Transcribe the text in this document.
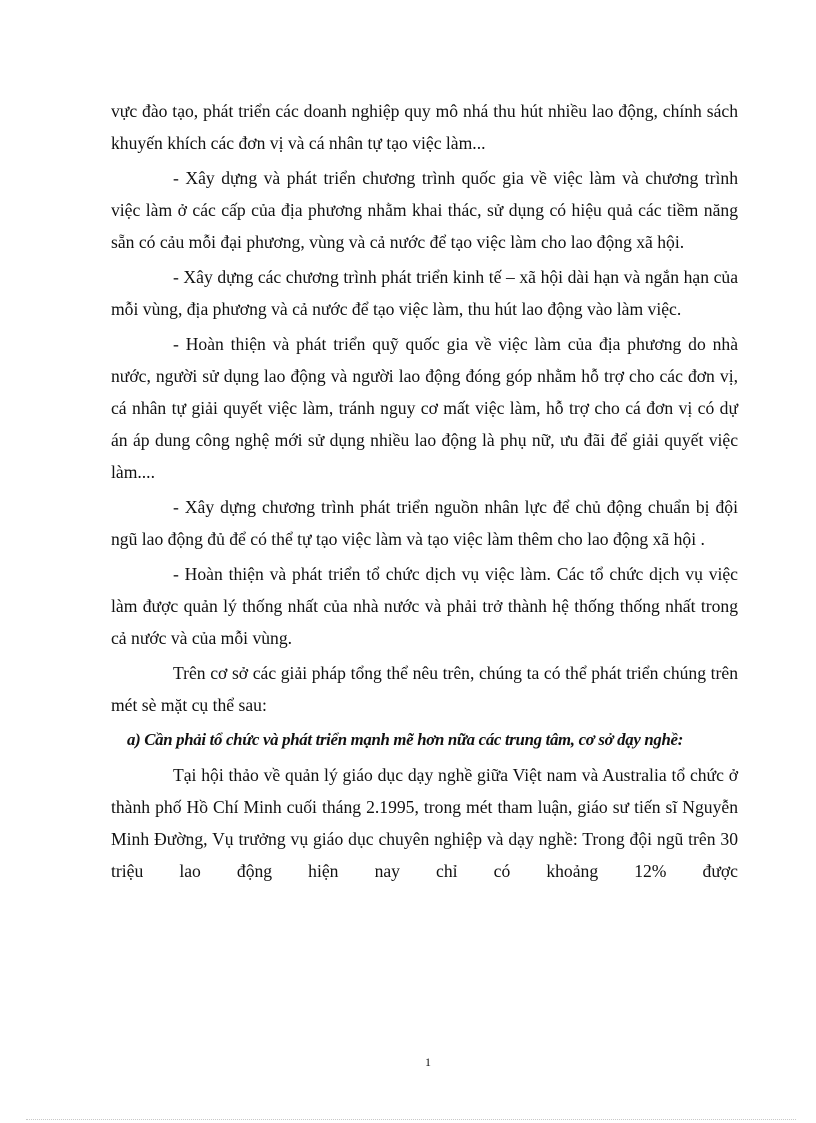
vực đào tạo, phát triển các doanh nghiệp quy mô nhá thu hút nhiều lao động, chính sách khuyến khích các đơn vị và cá nhân tự tạo việc làm...

- Xây dựng và phát triển chương trình quốc gia về việc làm và chương trình việc làm ở các cấp của địa phương nhằm khai thác, sử dụng có hiệu quả các tiềm năng sẵn có cảu mỗi đại phương, vùng và cả nước để tạo việc làm cho lao động xã hội.

- Xây dựng các chương trình phát triển kinh tế – xã hội dài hạn và ngắn hạn của mỗi vùng, địa phương và cả nước để tạo việc làm, thu hút lao động vào làm việc.

- Hoàn thiện và phát triển quỹ quốc gia về việc làm của địa phương do nhà nước, người sử dụng lao động và người lao động đóng góp nhằm hỗ trợ cho các đơn vị, cá nhân tự giải quyết việc làm, tránh nguy cơ mất việc làm, hỗ trợ cho cá đơn vị có dự án áp dung công nghệ mới sử dụng nhiều lao động là phụ nữ, ưu đãi để giải quyết việc làm....

- Xây dựng chương trình phát triển nguồn nhân lực để chủ động chuẩn bị đội ngũ lao động đủ để có thể tự tạo việc làm và tạo việc làm thêm cho lao động xã hội .

- Hoàn thiện và phát triển tổ chức dịch vụ việc làm. Các tổ chức dịch vụ việc làm được quản lý thống nhất của nhà nước và phải trở thành hệ thống thống nhất trong cả nước và của mỗi vùng.

Trên cơ sở các giải pháp tổng thể nêu trên, chúng ta có thể phát triển chúng trên mét sè mặt cụ thể sau:

a) Cần phải tổ chức và phát triển mạnh mẽ hơn nữa các trung tâm, cơ sở dạy nghề:

Tại hội thảo về quản lý giáo dục dạy nghề giữa Việt nam và Australia tổ chức ở thành phố Hồ Chí Minh cuối tháng 2.1995, trong mét tham luận, giáo sư tiến sĩ Nguyễn Minh Đường, Vụ trưởng vụ giáo dục chuyên nghiệp và dạy nghề: Trong đội ngũ trên 30 triệu lao động hiện nay chỉ có khoảng 12% được

1
